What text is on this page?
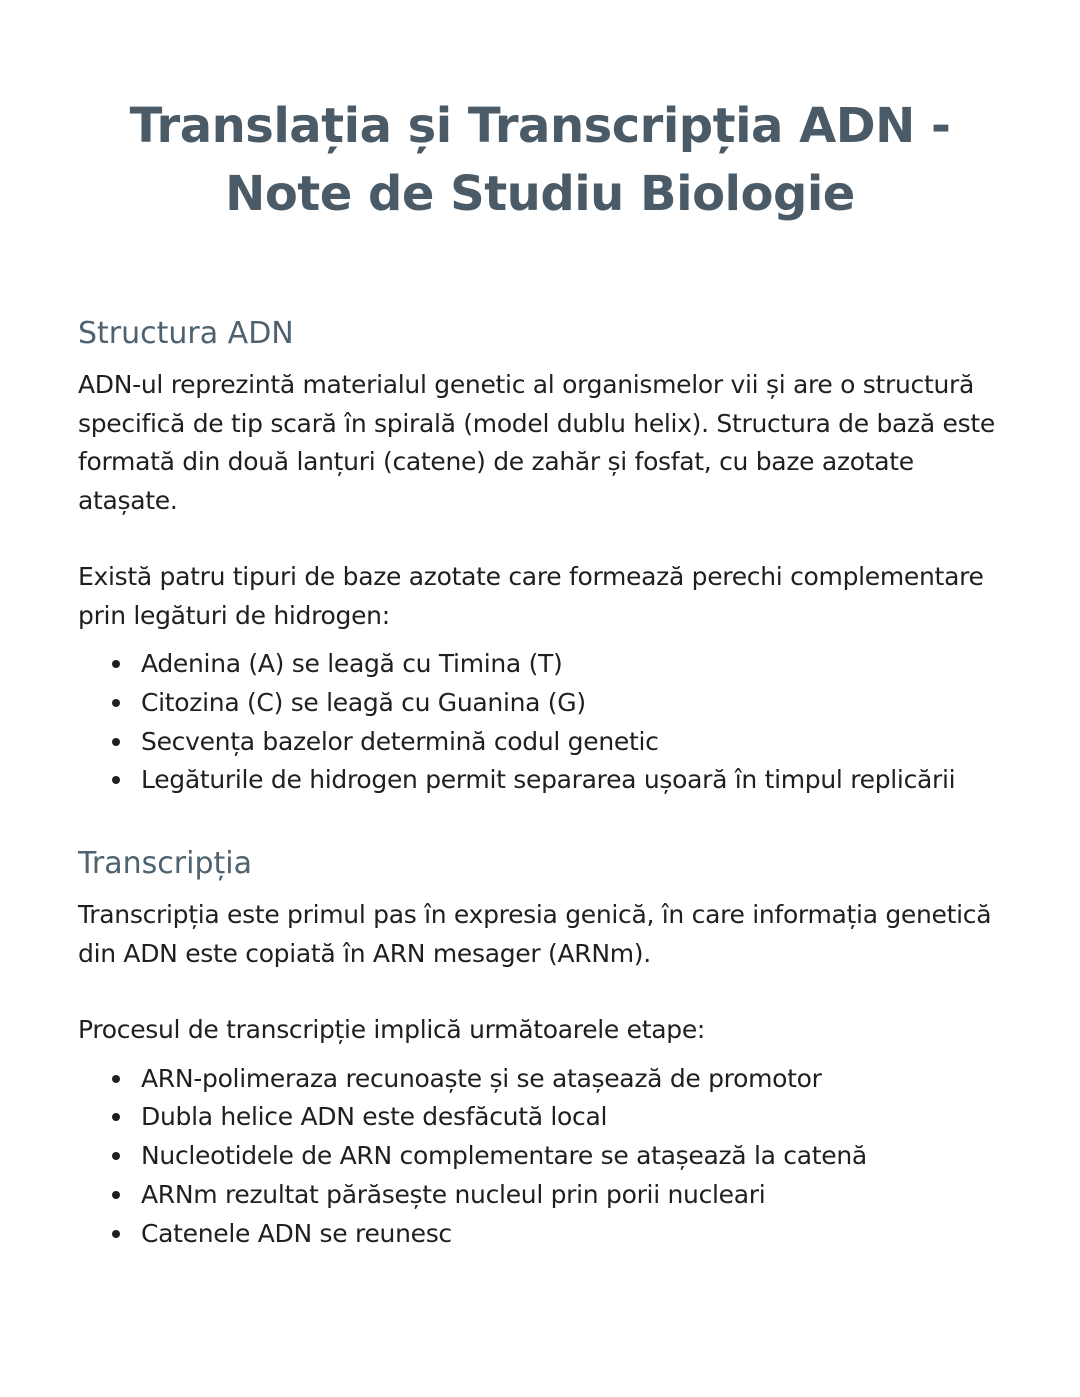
Translația și Transcripția ADN - Note de Studiu Biologie
Structura ADN

ADN-ul reprezintă materialul genetic al organismelor vii și are o structură specifică de tip scară în spirală (model dublu helix). Structura de bază este formată din două lanțuri (catene) de zahăr și fosfat, cu baze azotate atașate.

Există patru tipuri de baze azotate care formează perechi complementare prin legături de hidrogen:

Adenina (A) se leagă cu Timina (T)
Citozina (C) se leagă cu Guanina (G)
Secvența bazelor determină codul genetic
Legăturile de hidrogen permit separarea ușoară în timpul replicării
Transcripția

Transcripția este primul pas în expresia genică, în care informația genetică din ADN este copiată în ARN mesager (ARNm).

Procesul de transcripție implică următoarele etape:

ARN-polimeraza recunoaște și se atașează de promotor
Dubla helice ADN este desfăcută local
Nucleotidele de ARN complementare se atașează la catenă
ARNm rezultat părăsește nucleul prin porii nucleari
Catenele ADN se reunesc
